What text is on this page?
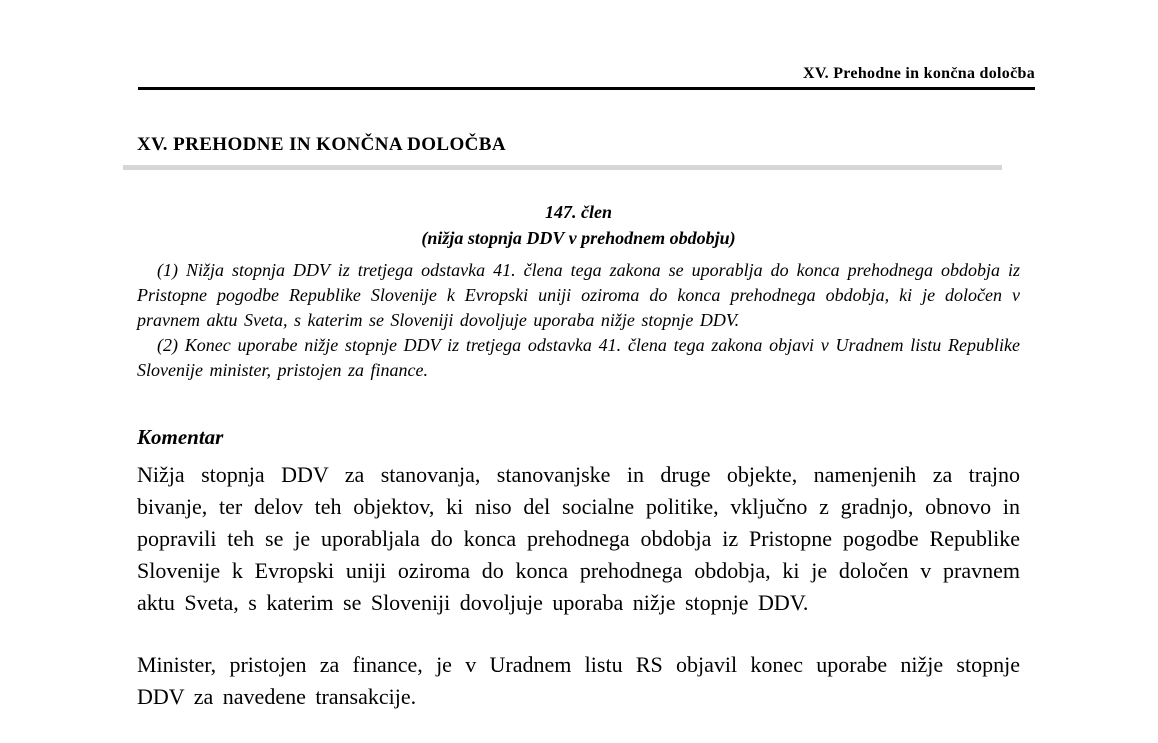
XV. Prehodne in končna določba
XV. PREHODNE IN KONČNA DOLOČBA
147. člen
(nižja stopnja DDV v prehodnem obdobju)

(1) Nižja stopnja DDV iz tretjega odstavka 41. člena tega zakona se uporablja do konca prehodnega obdobja iz Pristopne pogodbe Republike Slovenije k Evropski uniji oziroma do konca prehodnega obdobja, ki je določen v pravnem aktu Sveta, s katerim se Sloveniji dovoljuje uporaba nižje stopnje DDV.

(2) Konec uporabe nižje stopnje DDV iz tretjega odstavka 41. člena tega zakona objavi v Uradnem listu Republike Slovenije minister, pristojen za finance.

Komentar

Nižja stopnja DDV za stanovanja, stanovanjske in druge objekte, namenjenih za trajno bivanje, ter delov teh objektov, ki niso del socialne politike, vključno z gradnjo, obnovo in popravili teh se je uporabljala do konca prehodnega obdobja iz Pristopne pogodbe Republike Slovenije k Evropski uniji oziroma do konca prehodnega obdobja, ki je določen v pravnem aktu Sveta, s katerim se Sloveniji dovoljuje uporaba nižje stopnje DDV.

Minister, pristojen za finance, je v Uradnem listu RS objavil konec uporabe nižje stopnje DDV za navedene transakcije.
